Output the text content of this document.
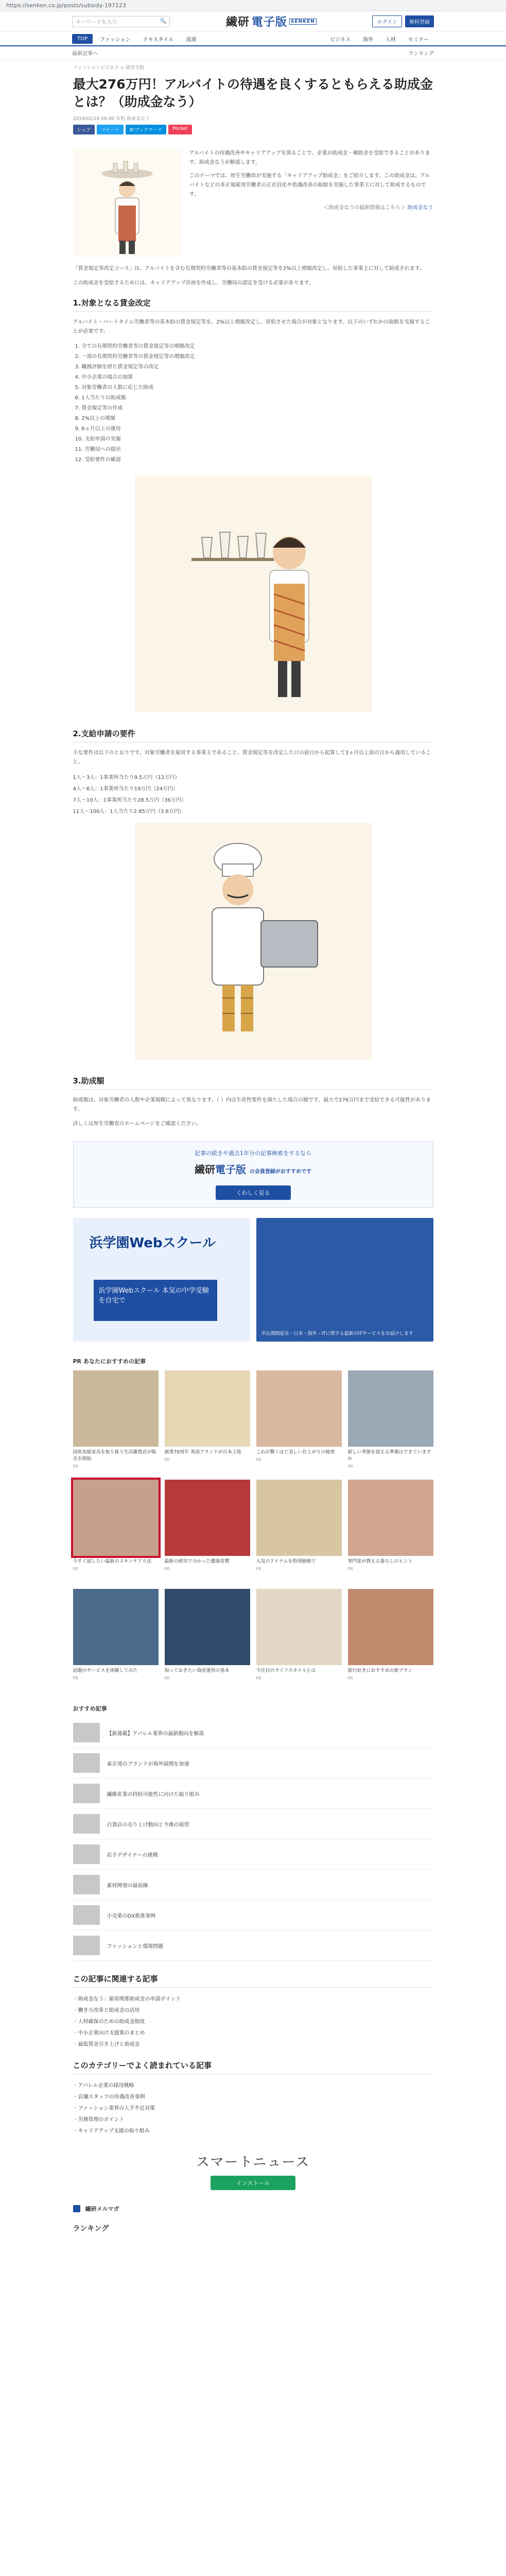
https://senken.co.jp/posts/subsidy-197123
キーワードを入力	🔍	繊研 電子版 SENKEN	ログイン	無料登録
TOP	ファッション	テキスタイル	流通	ビジネス	海外	人材	セミナー
最新記事へ	ランキング
ファッションビジネス > 経営全般
最大276万円！アルバイトの待遇を良くするともらえる助成金とは？（助成金なう）
2019/01/18 06:00 有料 助成金なう
シェア	ツイート	B!ブックマーク	Pocket

アルバイトの待遇改善やキャリアアップを図ることで、企業が助成金・補助金を受給できることがあります。助成金なうが解説します。

このテーマでは、厚生労働省が実施する「キャリアアップ助成金」をご紹介します。この助成金は、アルバイトなどの非正規雇用労働者の正社員化や処遇改善の取組を実施した事業主に対して助成するものです。

＜助成金なうの最新情報はこちら＞ 助成金なう

「賃金規定等改定コース」は、アルバイトを含む有期契約労働者等の基本給の賃金規定等を2%以上増額改定し、昇給した事業主に対して助成されます。

この助成金を受給するためには、キャリアアップ計画を作成し、労働局の認定を受ける必要があります。

1.対象となる賃金改定

アルバイト・パートタイム労働者等の基本給の賃金規定等を、2%以上増額改定し、昇給させた場合が対象となります。以下のいずれかの取組を実施することが必要です。

1. 全ての有期契約労働者等の賃金規定等の増額改定
2. 一部の有期契約労働者等の賃金規定等の増額改定
3. 職務評価を経た賃金規定等の改定
4. 中小企業の場合の加算
5. 対象労働者の人数に応じた助成
6. 1人当たりの助成額
7. 賃金規定等の作成
8. 2%以上の増額
9. 6ヵ月以上の運用
10. 支給申請の実施
11. 労働局への提出
12. 受給要件の確認
2.支給申請の要件

主な要件は以下のとおりです。対象労働者を雇用する事業主であること、賃金規定等を改定した日の前日から起算して3ヵ月以上前の日から適用していること。

1人〜3人：1事業所当たり9.5万円（12万円）

4人〜6人：1事業所当たり19万円（24万円）

7人〜10人：1事業所当たり28.5万円（36万円）

11人〜100人：1人当たり2.85万円（3.6万円）

3.助成額

助成額は、対象労働者の人数や企業規模によって異なります。（ ）内は生産性要件を満たした場合の額です。最大で276万円まで受給できる可能性があります。

詳しくは厚生労働省のホームページをご確認ください。

記事の続きや過去1年分の記事検索をするなら
繊研電子版 の会員登録がおすすめです
くわしく見る
浜学園Webスクール
浜学園Webスクール 本気の中学受験を自宅で
申込期間延長・日本・海外・ITに関する最新のITサービスをお届けします
PR あなたにおすすめの記事
国産高級家具を取り扱う生活雑貨店が販売を開始
PR
創業70周年 英国ブランドが日本上陸
PR
これが驚くほど美しい仕上がりの秘密
PR
新しい季節を迎える準備はできていますか
PR
今すぐ試したい最新のスキンケア方法
PR
最新の研究で分かった健康習慣
PR
人気のアイテムを特別価格で
PR
専門家が教える暮らしのヒント
PR
話題のサービスを体験してみた
PR
知っておきたい資産運用の基本
PR
今注目のライフスタイルとは
PR
旅行好きにおすすめの新プラン
PR
おすすめ記事
【新連載】アパレル業界の最新動向を解説
東京発のブランドが海外展開を加速
繊維産業の持続可能性に向けた取り組み
百貨店の売り上げ動向と今後の展望
若手デザイナーの挑戦
素材開発の最前線
小売業のDX推進事例
ファッションと環境問題
この記事に関連する記事

・ 助成金なう：雇用関係助成金の申請ポイント

・ 働き方改革と助成金の活用

・ 人材確保のための助成金制度

・ 中小企業向け支援策のまとめ

・ 最低賃金引き上げと助成金

このカテゴリーでよく読まれている記事

・ アパレル企業の採用戦略

・ 店舗スタッフの待遇改善事例

・ ファッション業界の人手不足対策

・ 労務管理のポイント

・ キャリアアップ支援の取り組み

スマートニュース
インストール
繊研メルマガ
ランキング
